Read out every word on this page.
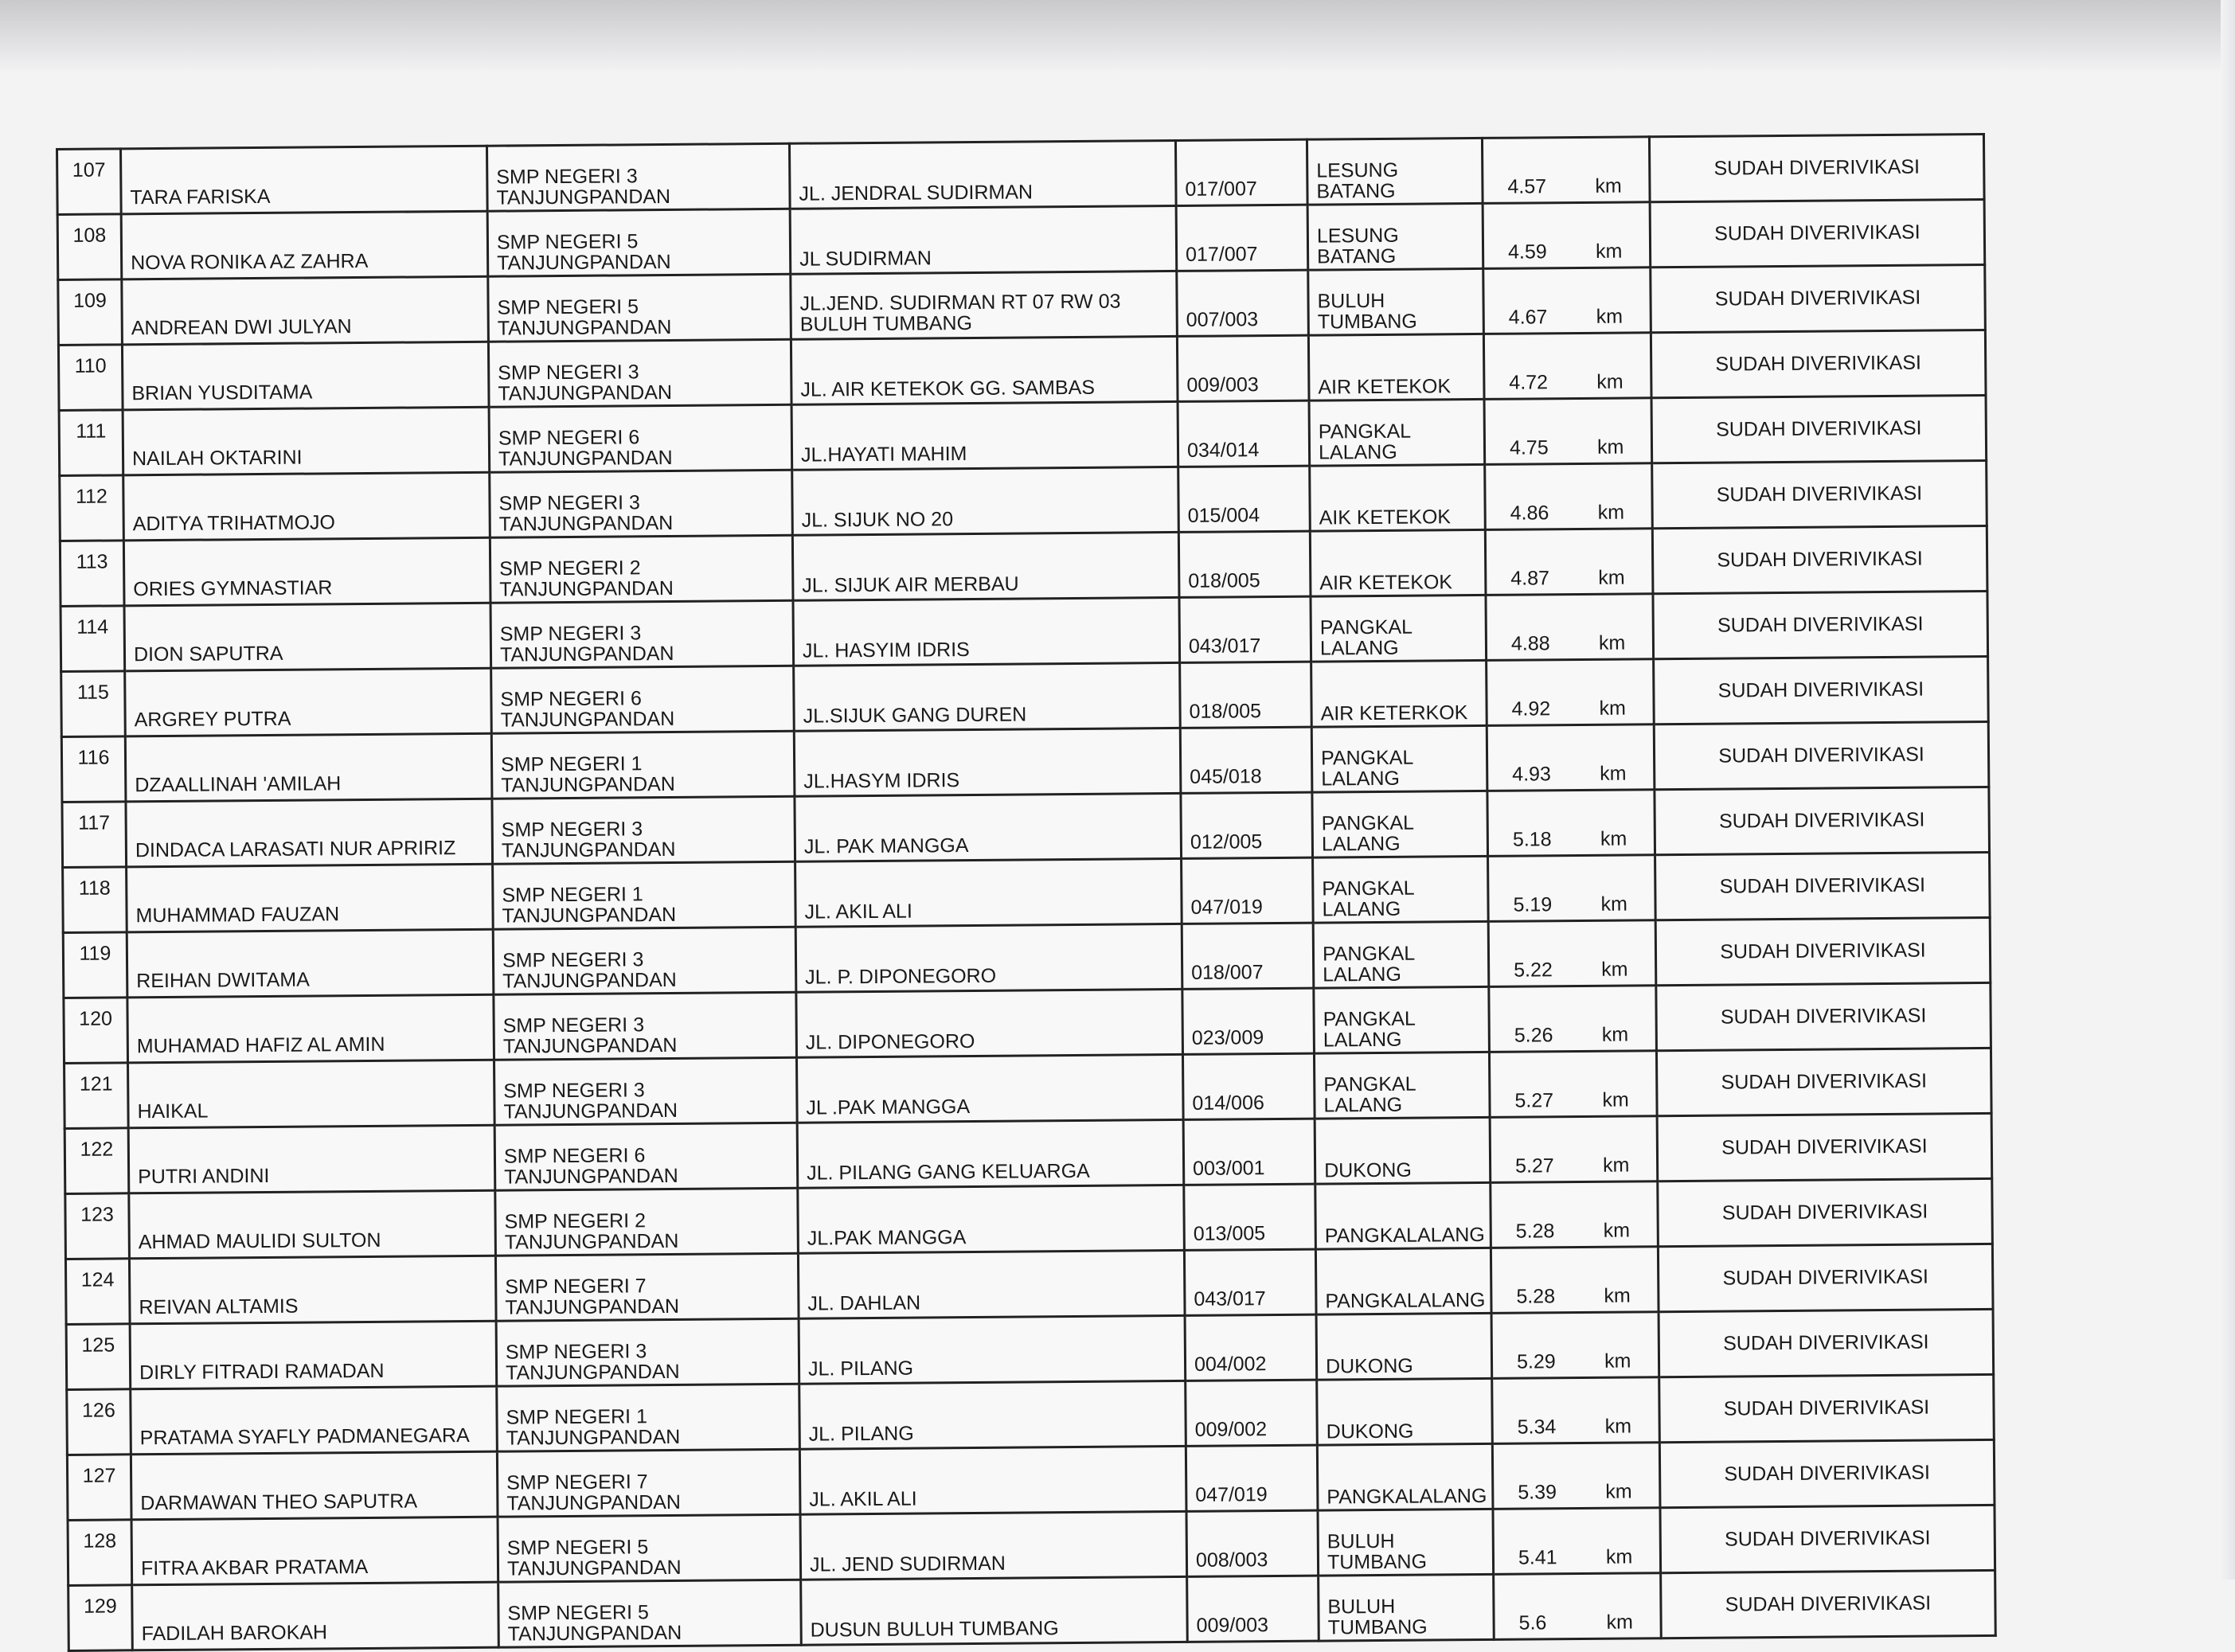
107	TARA FARISKA	SMP NEGERI 3
TANJUNGPANDAN	JL. JENDRAL SUDIRMAN	017/007	LESUNG
BATANG	4.57 km	SUDAH DIVERIVIKASI
108	NOVA RONIKA AZ ZAHRA	SMP NEGERI 5
TANJUNGPANDAN	JL SUDIRMAN	017/007	LESUNG
BATANG	4.59 km	SUDAH DIVERIVIKASI
109	ANDREAN DWI JULYAN	SMP NEGERI 5
TANJUNGPANDAN	JL.JEND. SUDIRMAN RT 07 RW 03
BULUH TUMBANG	007/003	BULUH
TUMBANG	4.67 km	SUDAH DIVERIVIKASI
110	BRIAN YUSDITAMA	SMP NEGERI 3
TANJUNGPANDAN	JL. AIR KETEKOK GG. SAMBAS	009/003	AIR KETEKOK	4.72 km	SUDAH DIVERIVIKASI
111	NAILAH OKTARINI	SMP NEGERI 6
TANJUNGPANDAN	JL.HAYATI MAHIM	034/014	PANGKAL
LALANG	4.75 km	SUDAH DIVERIVIKASI
112	ADITYA TRIHATMOJO	SMP NEGERI 3
TANJUNGPANDAN	JL. SIJUK NO 20	015/004	AIK KETEKOK	4.86 km	SUDAH DIVERIVIKASI
113	ORIES GYMNASTIAR	SMP NEGERI 2
TANJUNGPANDAN	JL. SIJUK AIR MERBAU	018/005	AIR KETEKOK	4.87 km	SUDAH DIVERIVIKASI
114	DION SAPUTRA	SMP NEGERI 3
TANJUNGPANDAN	JL. HASYIM IDRIS	043/017	PANGKAL
LALANG	4.88 km	SUDAH DIVERIVIKASI
115	ARGREY PUTRA	SMP NEGERI 6
TANJUNGPANDAN	JL.SIJUK GANG DUREN	018/005	AIR KETERKOK	4.92 km	SUDAH DIVERIVIKASI
116	DZAALLINAH 'AMILAH	SMP NEGERI 1
TANJUNGPANDAN	JL.HASYM IDRIS	045/018	PANGKAL
LALANG	4.93 km	SUDAH DIVERIVIKASI
117	DINDACA LARASATI NUR APRIRIZ	SMP NEGERI 3
TANJUNGPANDAN	JL. PAK MANGGA	012/005	PANGKAL
LALANG	5.18 km	SUDAH DIVERIVIKASI
118	MUHAMMAD FAUZAN	SMP NEGERI 1
TANJUNGPANDAN	JL. AKIL ALI	047/019	PANGKAL
LALANG	5.19 km	SUDAH DIVERIVIKASI
119	REIHAN DWITAMA	SMP NEGERI 3
TANJUNGPANDAN	JL. P. DIPONEGORO	018/007	PANGKAL
LALANG	5.22 km	SUDAH DIVERIVIKASI
120	MUHAMAD HAFIZ AL AMIN	SMP NEGERI 3
TANJUNGPANDAN	JL. DIPONEGORO	023/009	PANGKAL
LALANG	5.26 km	SUDAH DIVERIVIKASI
121	HAIKAL	SMP NEGERI 3
TANJUNGPANDAN	JL .PAK MANGGA	014/006	PANGKAL
LALANG	5.27 km	SUDAH DIVERIVIKASI
122	PUTRI ANDINI	SMP NEGERI 6
TANJUNGPANDAN	JL. PILANG GANG KELUARGA	003/001	DUKONG	5.27 km	SUDAH DIVERIVIKASI
123	AHMAD MAULIDI SULTON	SMP NEGERI 2
TANJUNGPANDAN	JL.PAK MANGGA	013/005	PANGKALALANG	5.28 km	SUDAH DIVERIVIKASI
124	REIVAN ALTAMIS	SMP NEGERI 7
TANJUNGPANDAN	JL. DAHLAN	043/017	PANGKALALANG	5.28 km	SUDAH DIVERIVIKASI
125	DIRLY FITRADI RAMADAN	SMP NEGERI 3
TANJUNGPANDAN	JL. PILANG	004/002	DUKONG	5.29 km	SUDAH DIVERIVIKASI
126	PRATAMA SYAFLY PADMANEGARA	SMP NEGERI 1
TANJUNGPANDAN	JL. PILANG	009/002	DUKONG	5.34 km	SUDAH DIVERIVIKASI
127	DARMAWAN THEO SAPUTRA	SMP NEGERI 7
TANJUNGPANDAN	JL. AKIL ALI	047/019	PANGKALALANG	5.39 km	SUDAH DIVERIVIKASI
128	FITRA AKBAR PRATAMA	SMP NEGERI 5
TANJUNGPANDAN	JL. JEND SUDIRMAN	008/003	BULUH
TUMBANG	5.41 km	SUDAH DIVERIVIKASI
129	FADILAH BAROKAH	SMP NEGERI 5
TANJUNGPANDAN	DUSUN BULUH TUMBANG	009/003	BULUH
TUMBANG	5.6 km	SUDAH DIVERIVIKASI
